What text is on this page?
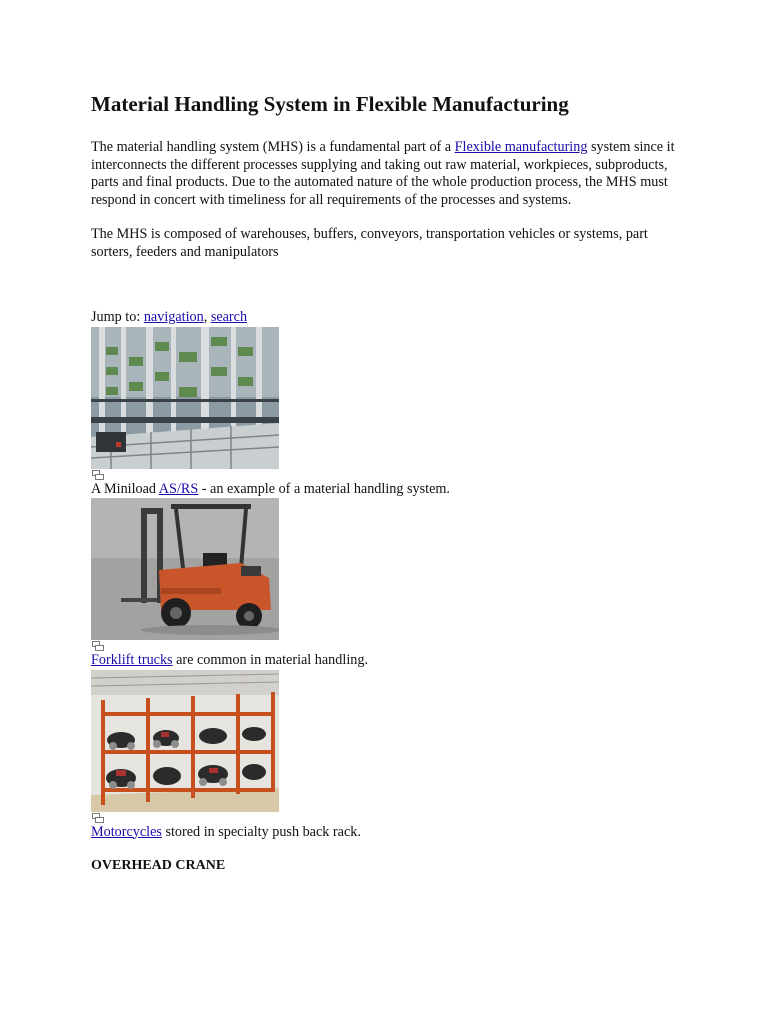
Material Handling System in Flexible Manufacturing

The material handling system (MHS) is a fundamental part of a Flexible manufacturing system since it interconnects the different processes supplying and taking out raw material, workpieces, subproducts, parts and final products. Due to the automated nature of the whole production process, the MHS must respond in concert with timeliness for all requirements of the processes and systems.

The MHS is composed of warehouses, buffers, conveyors, transportation vehicles or systems, part sorters, feeders and manipulators

Jump to: navigation, search

A Miniload AS/RS - an example of a material handling system.

Forklift trucks are common in material handling.

Motorcycles stored in specialty push back rack.

OVERHEAD CRANE
